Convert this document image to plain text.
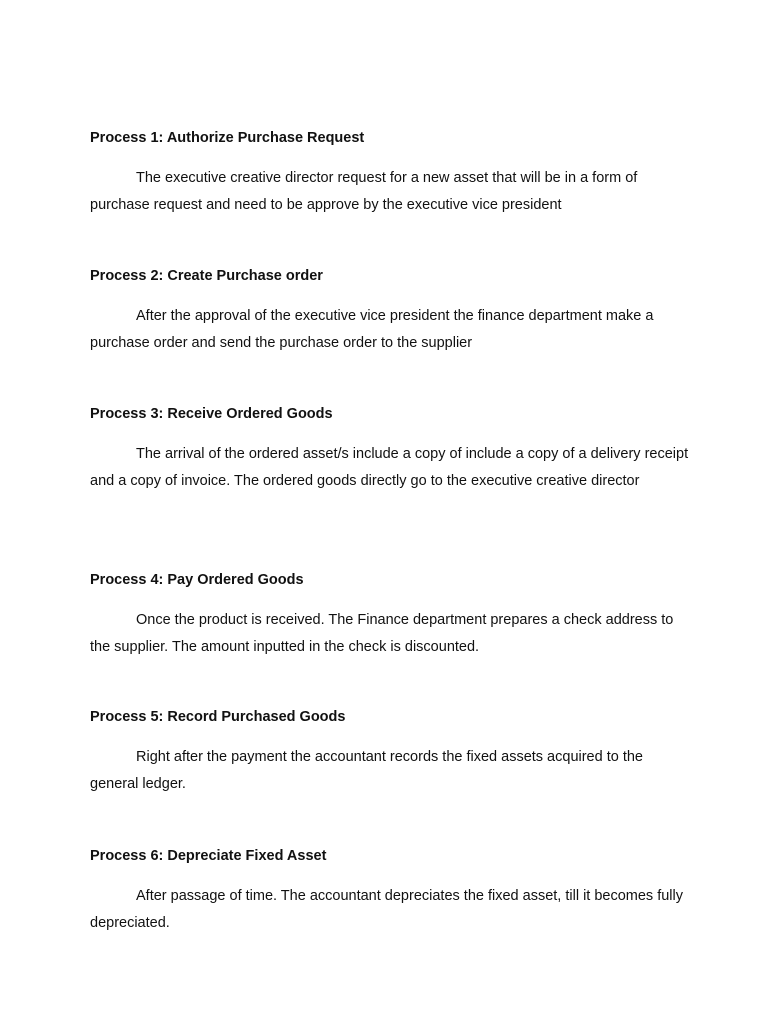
Process 1: Authorize Purchase Request

The executive creative director request for a new asset that will be in a form of purchase request and need to be approve by the executive vice president

Process 2: Create Purchase order

After the approval of the executive vice president the finance department make a purchase order and send the purchase order to the supplier

Process 3: Receive Ordered Goods

The arrival of the ordered asset/s include a copy of include a copy of a delivery receipt and a copy of invoice. The ordered goods directly go to the executive creative director

Process 4: Pay Ordered Goods

Once the product is received. The Finance department prepares a check address to the supplier. The amount inputted in the check is discounted.

Process 5: Record Purchased Goods

Right after the payment the accountant records the fixed assets acquired to the general ledger.

Process 6: Depreciate Fixed Asset

After passage of time. The accountant depreciates the fixed asset, till it becomes fully depreciated.
